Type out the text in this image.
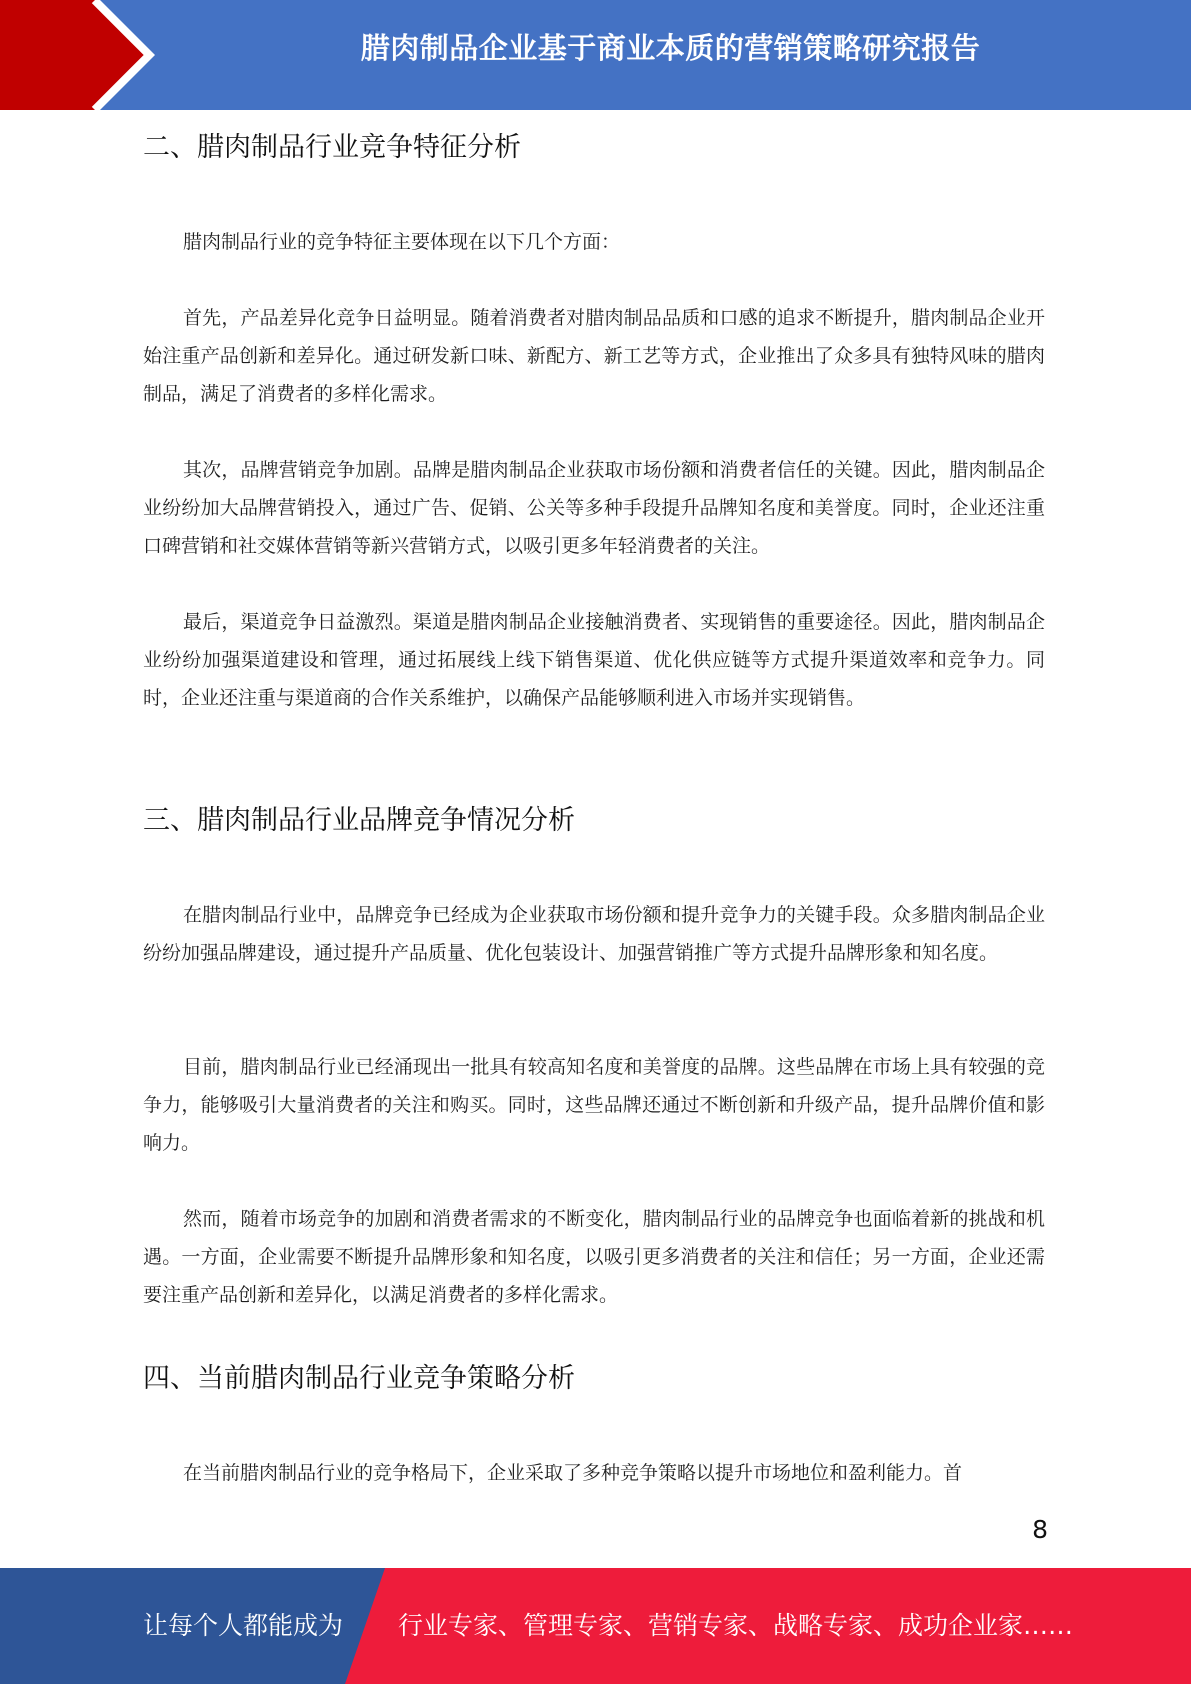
腊肉制品企业基于商业本质的营销策略研究报告
二、腊肉制品行业竞争特征分析

腊肉制品行业的竞争特征主要体现在以下几个方面：

首先，产品差异化竞争日益明显。随着消费者对腊肉制品品质和口感的追求不断提升，腊肉制品企业开始注重产品创新和差异化。通过研发新口味、新配方、新工艺等方式，企业推出了众多具有独特风味的腊肉制品，满足了消费者的多样化需求。

其次，品牌营销竞争加剧。品牌是腊肉制品企业获取市场份额和消费者信任的关键。因此，腊肉制品企业纷纷加大品牌营销投入，通过广告、促销、公关等多种手段提升品牌知名度和美誉度。同时，企业还注重口碑营销和社交媒体营销等新兴营销方式，以吸引更多年轻消费者的关注。

最后，渠道竞争日益激烈。渠道是腊肉制品企业接触消费者、实现销售的重要途径。因此，腊肉制品企业纷纷加强渠道建设和管理，通过拓展线上线下销售渠道、优化供应链等方式提升渠道效率和竞争力。同时，企业还注重与渠道商的合作关系维护，以确保产品能够顺利进入市场并实现销售。

三、腊肉制品行业品牌竞争情况分析

在腊肉制品行业中，品牌竞争已经成为企业获取市场份额和提升竞争力的关键手段。众多腊肉制品企业纷纷加强品牌建设，通过提升产品质量、优化包装设计、加强营销推广等方式提升品牌形象和知名度。

目前，腊肉制品行业已经涌现出一批具有较高知名度和美誉度的品牌。这些品牌在市场上具有较强的竞争力，能够吸引大量消费者的关注和购买。同时，这些品牌还通过不断创新和升级产品，提升品牌价值和影响力。

然而，随着市场竞争的加剧和消费者需求的不断变化，腊肉制品行业的品牌竞争也面临着新的挑战和机遇。一方面，企业需要不断提升品牌形象和知名度，以吸引更多消费者的关注和信任；另一方面，企业还需要注重产品创新和差异化，以满足消费者的多样化需求。

四、当前腊肉制品行业竞争策略分析

在当前腊肉制品行业的竞争格局下，企业采取了多种竞争策略以提升市场地位和盈利能力。首

8
让每个人都能成为 行业专家、管理专家、营销专家、战略专家、成功企业家……
